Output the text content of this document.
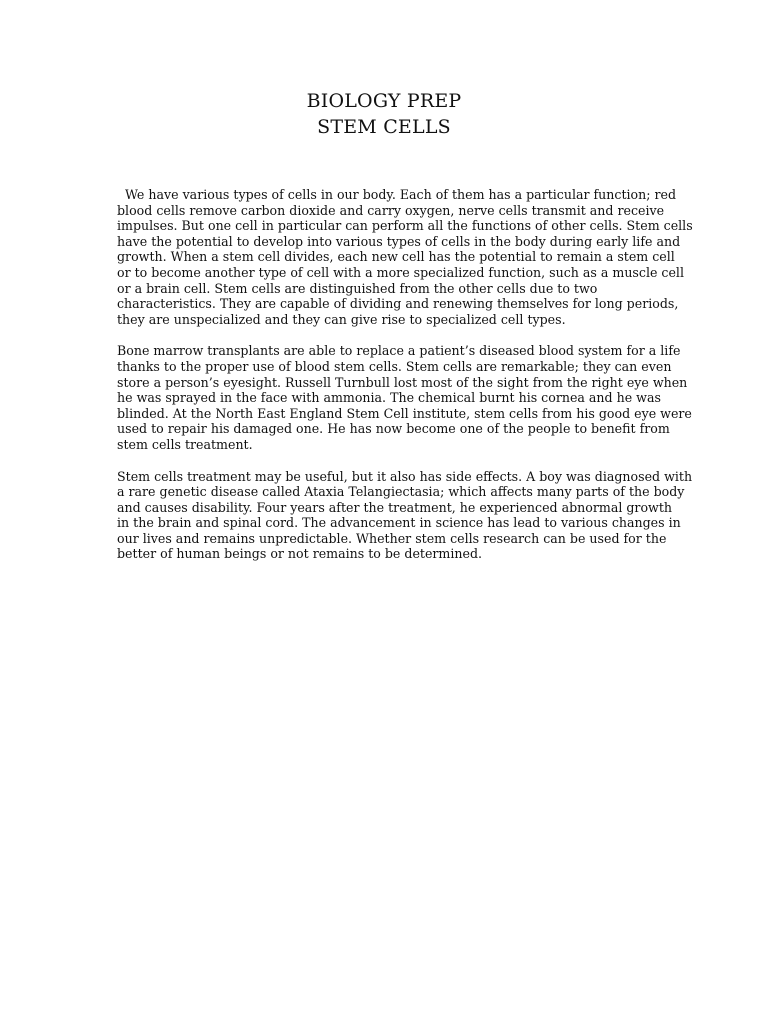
BIOLOGY PREP
STEM CELLS

We have various types of cells in our body. Each of them has a particular function; red
blood cells remove carbon dioxide and carry oxygen, nerve cells transmit and receive
impulses. But one cell in particular can perform all the functions of other cells. Stem cells
have the potential to develop into various types of cells in the body during early life and
growth. When a stem cell divides, each new cell has the potential to remain a stem cell
or to become another type of cell with a more specialized function, such as a muscle cell
or a brain cell. Stem cells are distinguished from the other cells due to two
characteristics. They are capable of dividing and renewing themselves for long periods,
they are unspecialized and they can give rise to specialized cell types.

Bone marrow transplants are able to replace a patient’s diseased blood system for a life
thanks to the proper use of blood stem cells. Stem cells are remarkable; they can even
store a person’s eyesight. Russell Turnbull lost most of the sight from the right eye when
he was sprayed in the face with ammonia. The chemical burnt his cornea and he was
blinded. At the North East England Stem Cell institute, stem cells from his good eye were
used to repair his damaged one. He has now become one of the people to benefit from
stem cells treatment.

Stem cells treatment may be useful, but it also has side effects. A boy was diagnosed with
a rare genetic disease called Ataxia Telangiectasia; which affects many parts of the body
and causes disability. Four years after the treatment, he experienced abnormal growth
in the brain and spinal cord. The advancement in science has lead to various changes in
our lives and remains unpredictable. Whether stem cells research can be used for the
better of human beings or not remains to be determined.
